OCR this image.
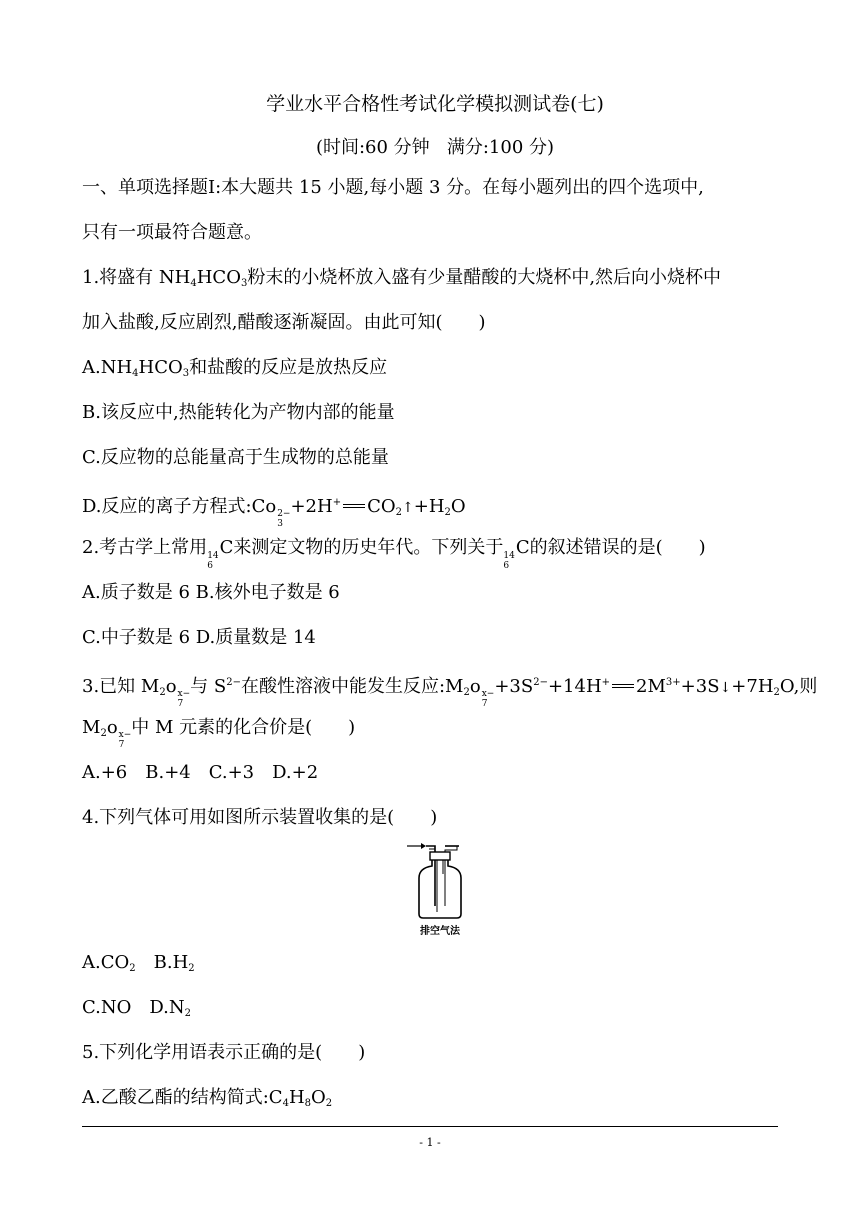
学业水平合格性考试化学模拟测试卷(七)
(时间:60 分钟   满分:100 分)
一、单项选择题Ⅰ:本大题共 15 小题,每小题 3 分。在每小题列出的四个选项中,
只有一项最符合题意。
1.将盛有 $NH_4HCO_3$粉末的小烧杯放入盛有少量醋酸的大烧杯中,然后向小烧杯中
加入盐酸,反应剧烈,醋酸逐渐凝固。由此可知(　　)
$A.NH_4HCO_3$和盐酸的反应是放热反应
B.该反应中,热能转化为产物内部的能量
C.反应物的总能量高于生成物的总能量
D.反应的离子方程式:Co 2−
3
+2H+ $CO_2↑+H_2O$
2.考古学上常用 14
6
C来测定文物的历史年代。下列关于 14
6
C的叙述错误的是(　　)
A.质子数是 6 B.核外电子数是 6
C.中子数是 6 D.质量数是 14
3.已知 $M_2o$ x−
7
与 $S^{2-}$在酸性溶液中能发生反应$:M_2o$ x−
7
$+3S^{2-}+14H^+$ $2M^{3+}+3S↓+7H_2O$,则
$M_2o$ x−
7
中 M 元素的化合价是(　　)
A.+6　B.+4　C.+3　D.+2
4.下列气体可用如图所示装置收集的是(　　)
排空气法
$A.CO_2$　$B.H_2$
C.NO　$D.N_2$
5.下列化学用语表示正确的是(　　)
A.乙酸乙酯的结构简式$:C_4H_8O_2$
- 1 -
